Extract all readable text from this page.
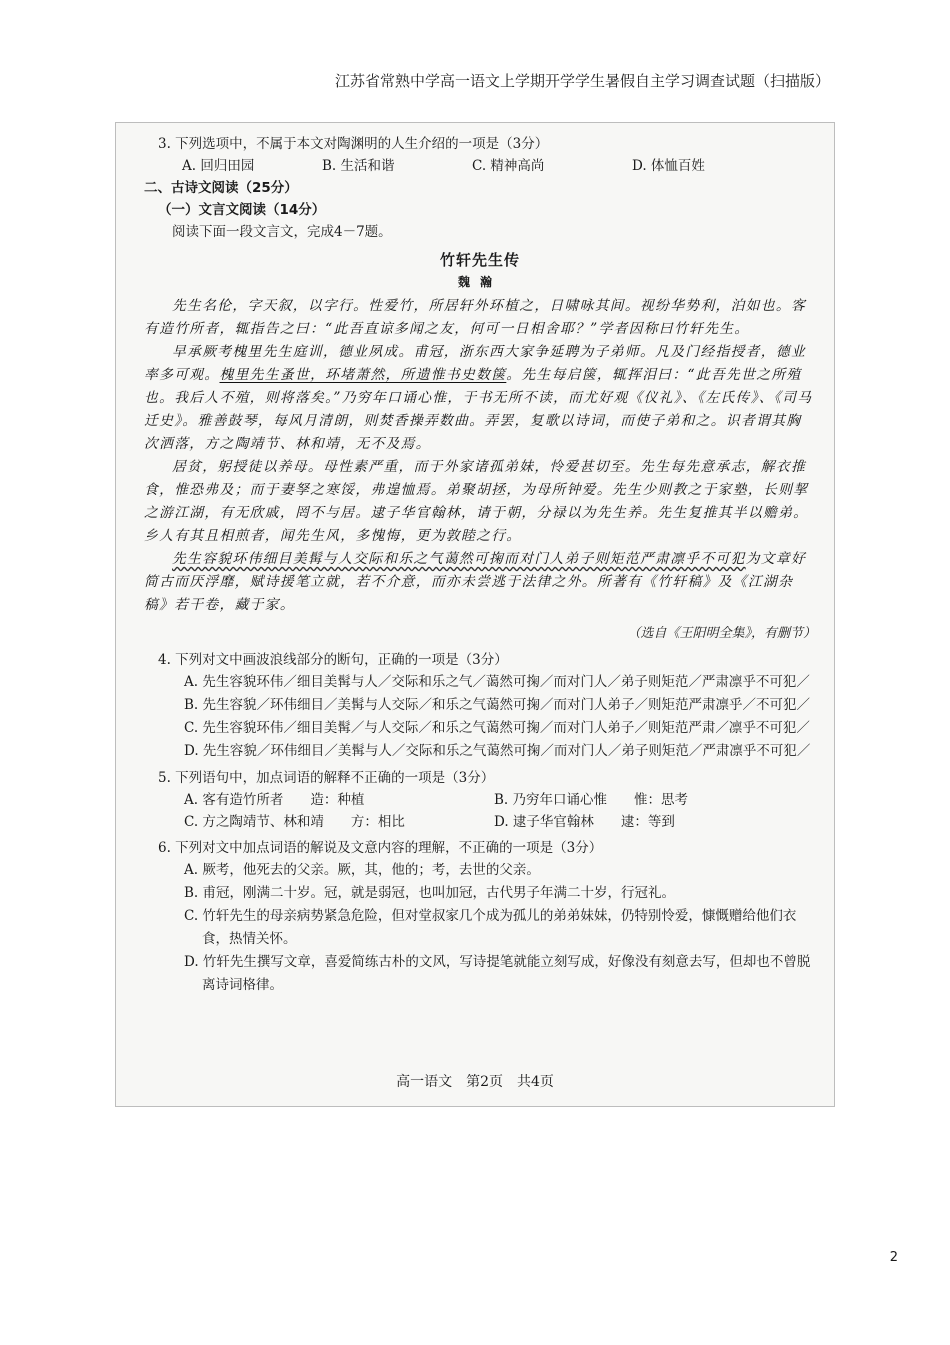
江苏省常熟中学高一语文上学期开学学生暑假自主学习调查试题（扫描版）

3. 下列选项中，不属于本文对陶渊明的人生介绍的一项是（3分）

A. 回归田园	B. 生活和谐	C. 精神高尚	D. 体恤百姓
二、古诗文阅读（25分）
（一）文言文阅读（14分）
阅读下面一段文言文，完成4－7题。
竹轩先生传
魏瀚

先生名伦，字天叙，以字行。性爱竹，所居轩外环植之，日啸咏其间。视纷华势利，泊如也。客有造竹所者，辄指告之曰：“此吾直谅多闻之友，何可一日相舍耶？”学者因称曰竹轩先生。

早承厥考槐里先生庭训，德业夙成。甫冠，浙东西大家争延聘为子弟师。凡及门经指授者，德业率多可观。槐里先生蚤世，环堵萧然，所遗惟书史数箧。先生每启箧，辄挥泪曰：“此吾先世之所殖也。我后人不殖，则将落矣。”乃穷年口诵心惟，于书无所不读，而尤好观《仪礼》、《左氏传》、《司马迁史》。雅善鼓琴，每风月清朗，则焚香操弄数曲。弄罢，复歌以诗词，而使子弟和之。识者谓其胸次洒落，方之陶靖节、林和靖，无不及焉。

居贫，躬授徒以养母。母性素严重，而于外家诸孤弟妹，怜爱甚切至。先生每先意承志，解衣推食，惟恐弗及；而于妻孥之寒馁，弗遑恤焉。弟聚胡拯，为母所钟爱。先生少则教之于家塾，长则挈之游江湖，有无欣戚，罔不与居。逮子华官翰林，请于朝，分禄以为先生养。先生复推其半以赡弟。乡人有其且相煎者，闻先生风，多愧悔，更为敦睦之行。

先生容貌环伟细目美髯与人交际和乐之气蔼然可掬而对门人弟子则矩范严肃凛乎不可犯为文章好简古而厌浮靡，赋诗援笔立就，若不介意，而亦未尝逃于法律之外。所著有《竹轩稿》及《江湖杂稿》若干卷，藏于家。

（选自《王阳明全集》，有删节）
4. 下列对文中画波浪线部分的断句，正确的一项是（3分）
A. 先生容貌环伟／细目美髯与人／交际和乐之气／蔼然可掬／而对门人／弟子则矩范／严肃凛乎不可犯／
B. 先生容貌／环伟细目／美髯与人交际／和乐之气蔼然可掬／而对门人弟子／则矩范严肃凛乎／不可犯／
C. 先生容貌环伟／细目美髯／与人交际／和乐之气蔼然可掬／而对门人弟子／则矩范严肃／凛乎不可犯／
D. 先生容貌／环伟细目／美髯与人／交际和乐之气蔼然可掬／而对门人／弟子则矩范／严肃凛乎不可犯／
5. 下列语句中，加点词语的解释不正确的一项是（3分）
A. 客有造竹所者　　造：种植	B. 乃穷年口诵心惟　　惟：思考
C. 方之陶靖节、林和靖　　方：相比	D. 逮子华官翰林　　逮：等到
6. 下列对文中加点词语的解说及文意内容的理解，不正确的一项是（3分）
A. 厥考，他死去的父亲。厥，其，他的；考，去世的父亲。
B. 甫冠，刚满二十岁。冠，就是弱冠，也叫加冠，古代男子年满二十岁，行冠礼。
C. 竹轩先生的母亲病势紧急危险，但对堂叔家几个成为孤儿的弟弟妹妹，仍特别怜爱，慷慨赠给他们衣食，热情关怀。
D. 竹轩先生撰写文章，喜爱简练古朴的文风，写诗提笔就能立刻写成，好像没有刻意去写，但却也不曾脱离诗词格律。
高一语文　第2页　共4页
2
